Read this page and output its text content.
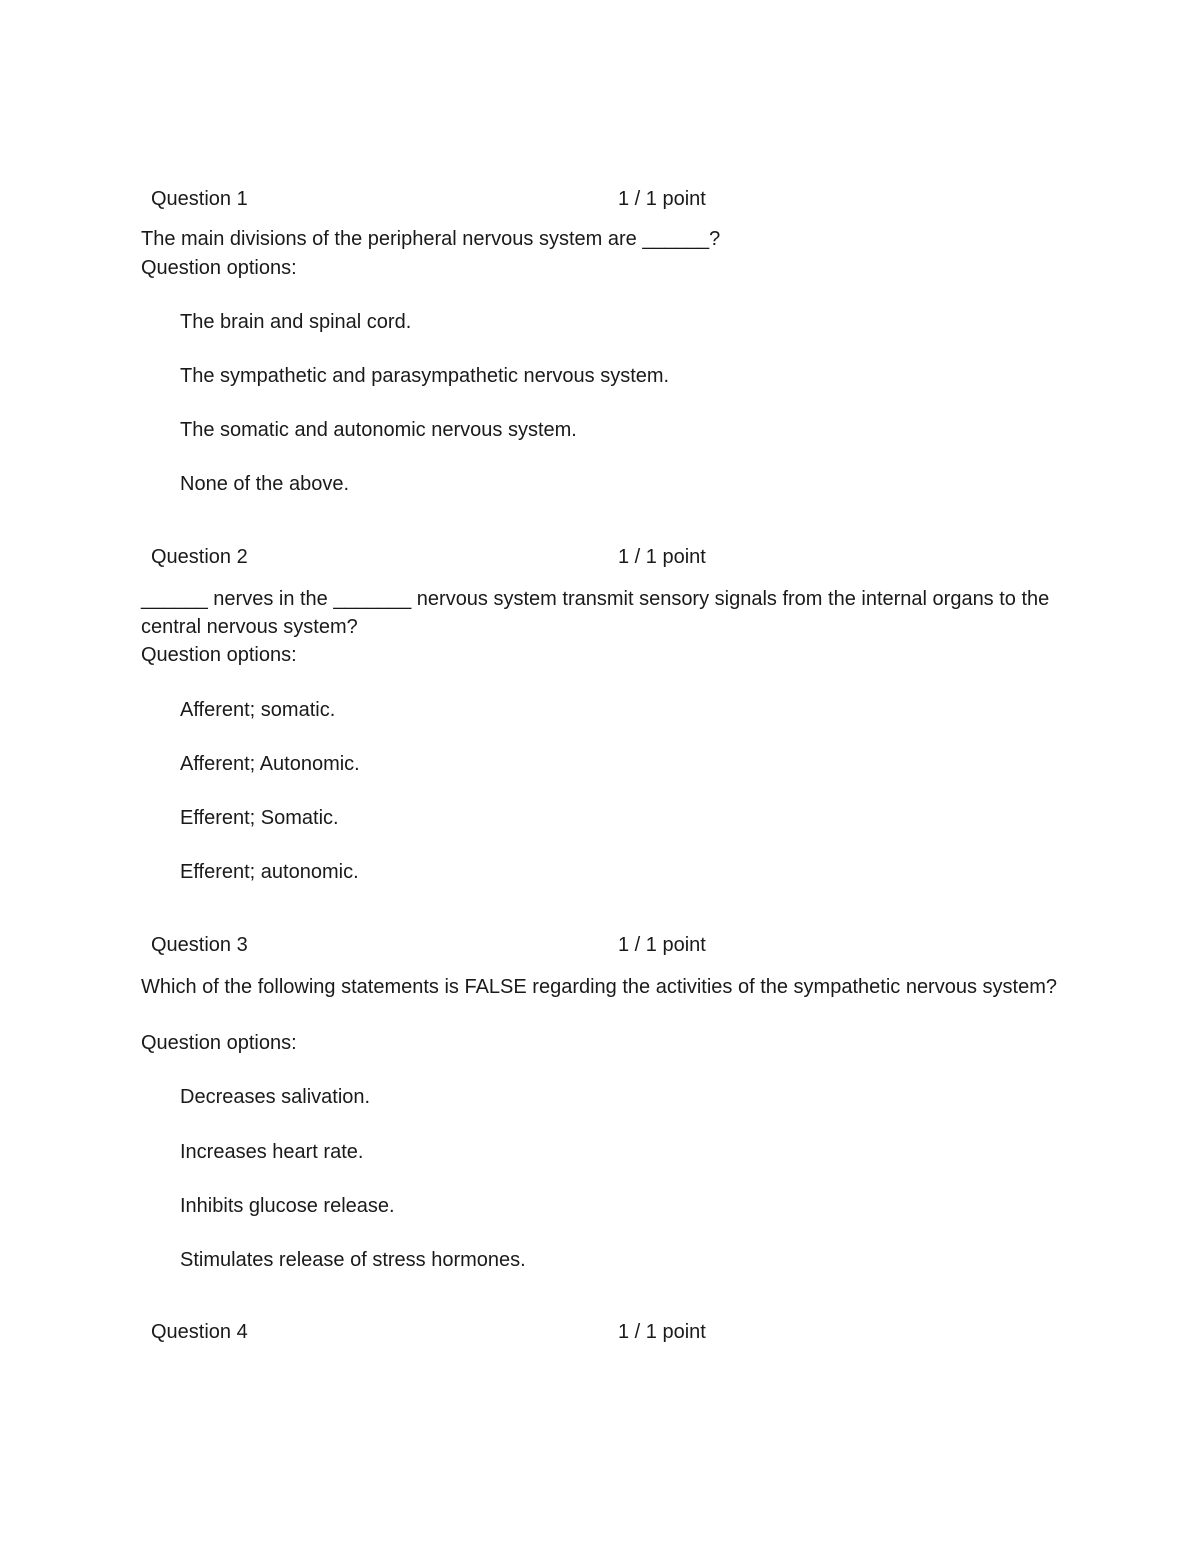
Question 1	1 / 1 point

The main divisions of the peripheral nervous system are ______?

Question options:
The brain and spinal cord.
The sympathetic and parasympathetic nervous system.
The somatic and autonomic nervous system.
None of the above.
Question 2	1 / 1 point

______ nerves in the _______ nervous system transmit sensory signals from the internal organs to the central nervous system?

Question options:
Afferent; somatic.
Afferent; Autonomic.
Efferent; Somatic.
Efferent; autonomic.
Question 3	1 / 1 point

Which of the following statements is FALSE regarding the activities of the sympathetic nervous system?

Question options:
Decreases salivation.
Increases heart rate.
Inhibits glucose release.
Stimulates release of stress hormones.
Question 4	1 / 1 point
